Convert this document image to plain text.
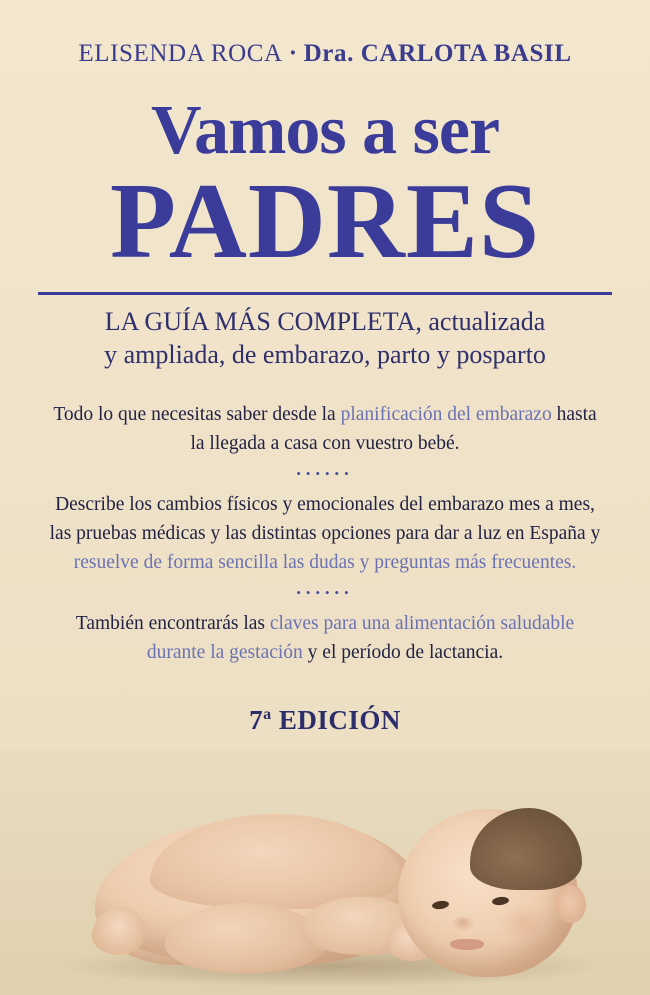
ELISENDA ROCA · Dra. CARLOTA BASIL
Vamos a ser
PADRES
LA GUÍA MÁS COMPLETA, actualizada
y ampliada, de embarazo, parto y posparto

Todo lo que necesitas saber desde la planificación del embarazo hasta la llegada a casa con vuestro bebé.

••••••

Describe los cambios físicos y emocionales del embarazo mes a mes, las pruebas médicas y las distintas opciones para dar a luz en España y resuelve de forma sencilla las dudas y preguntas más frecuentes.

••••••

También encontrarás las claves para una alimentación saludable durante la gestación y el período de lactancia.

7$^a$ EDICIÓN
